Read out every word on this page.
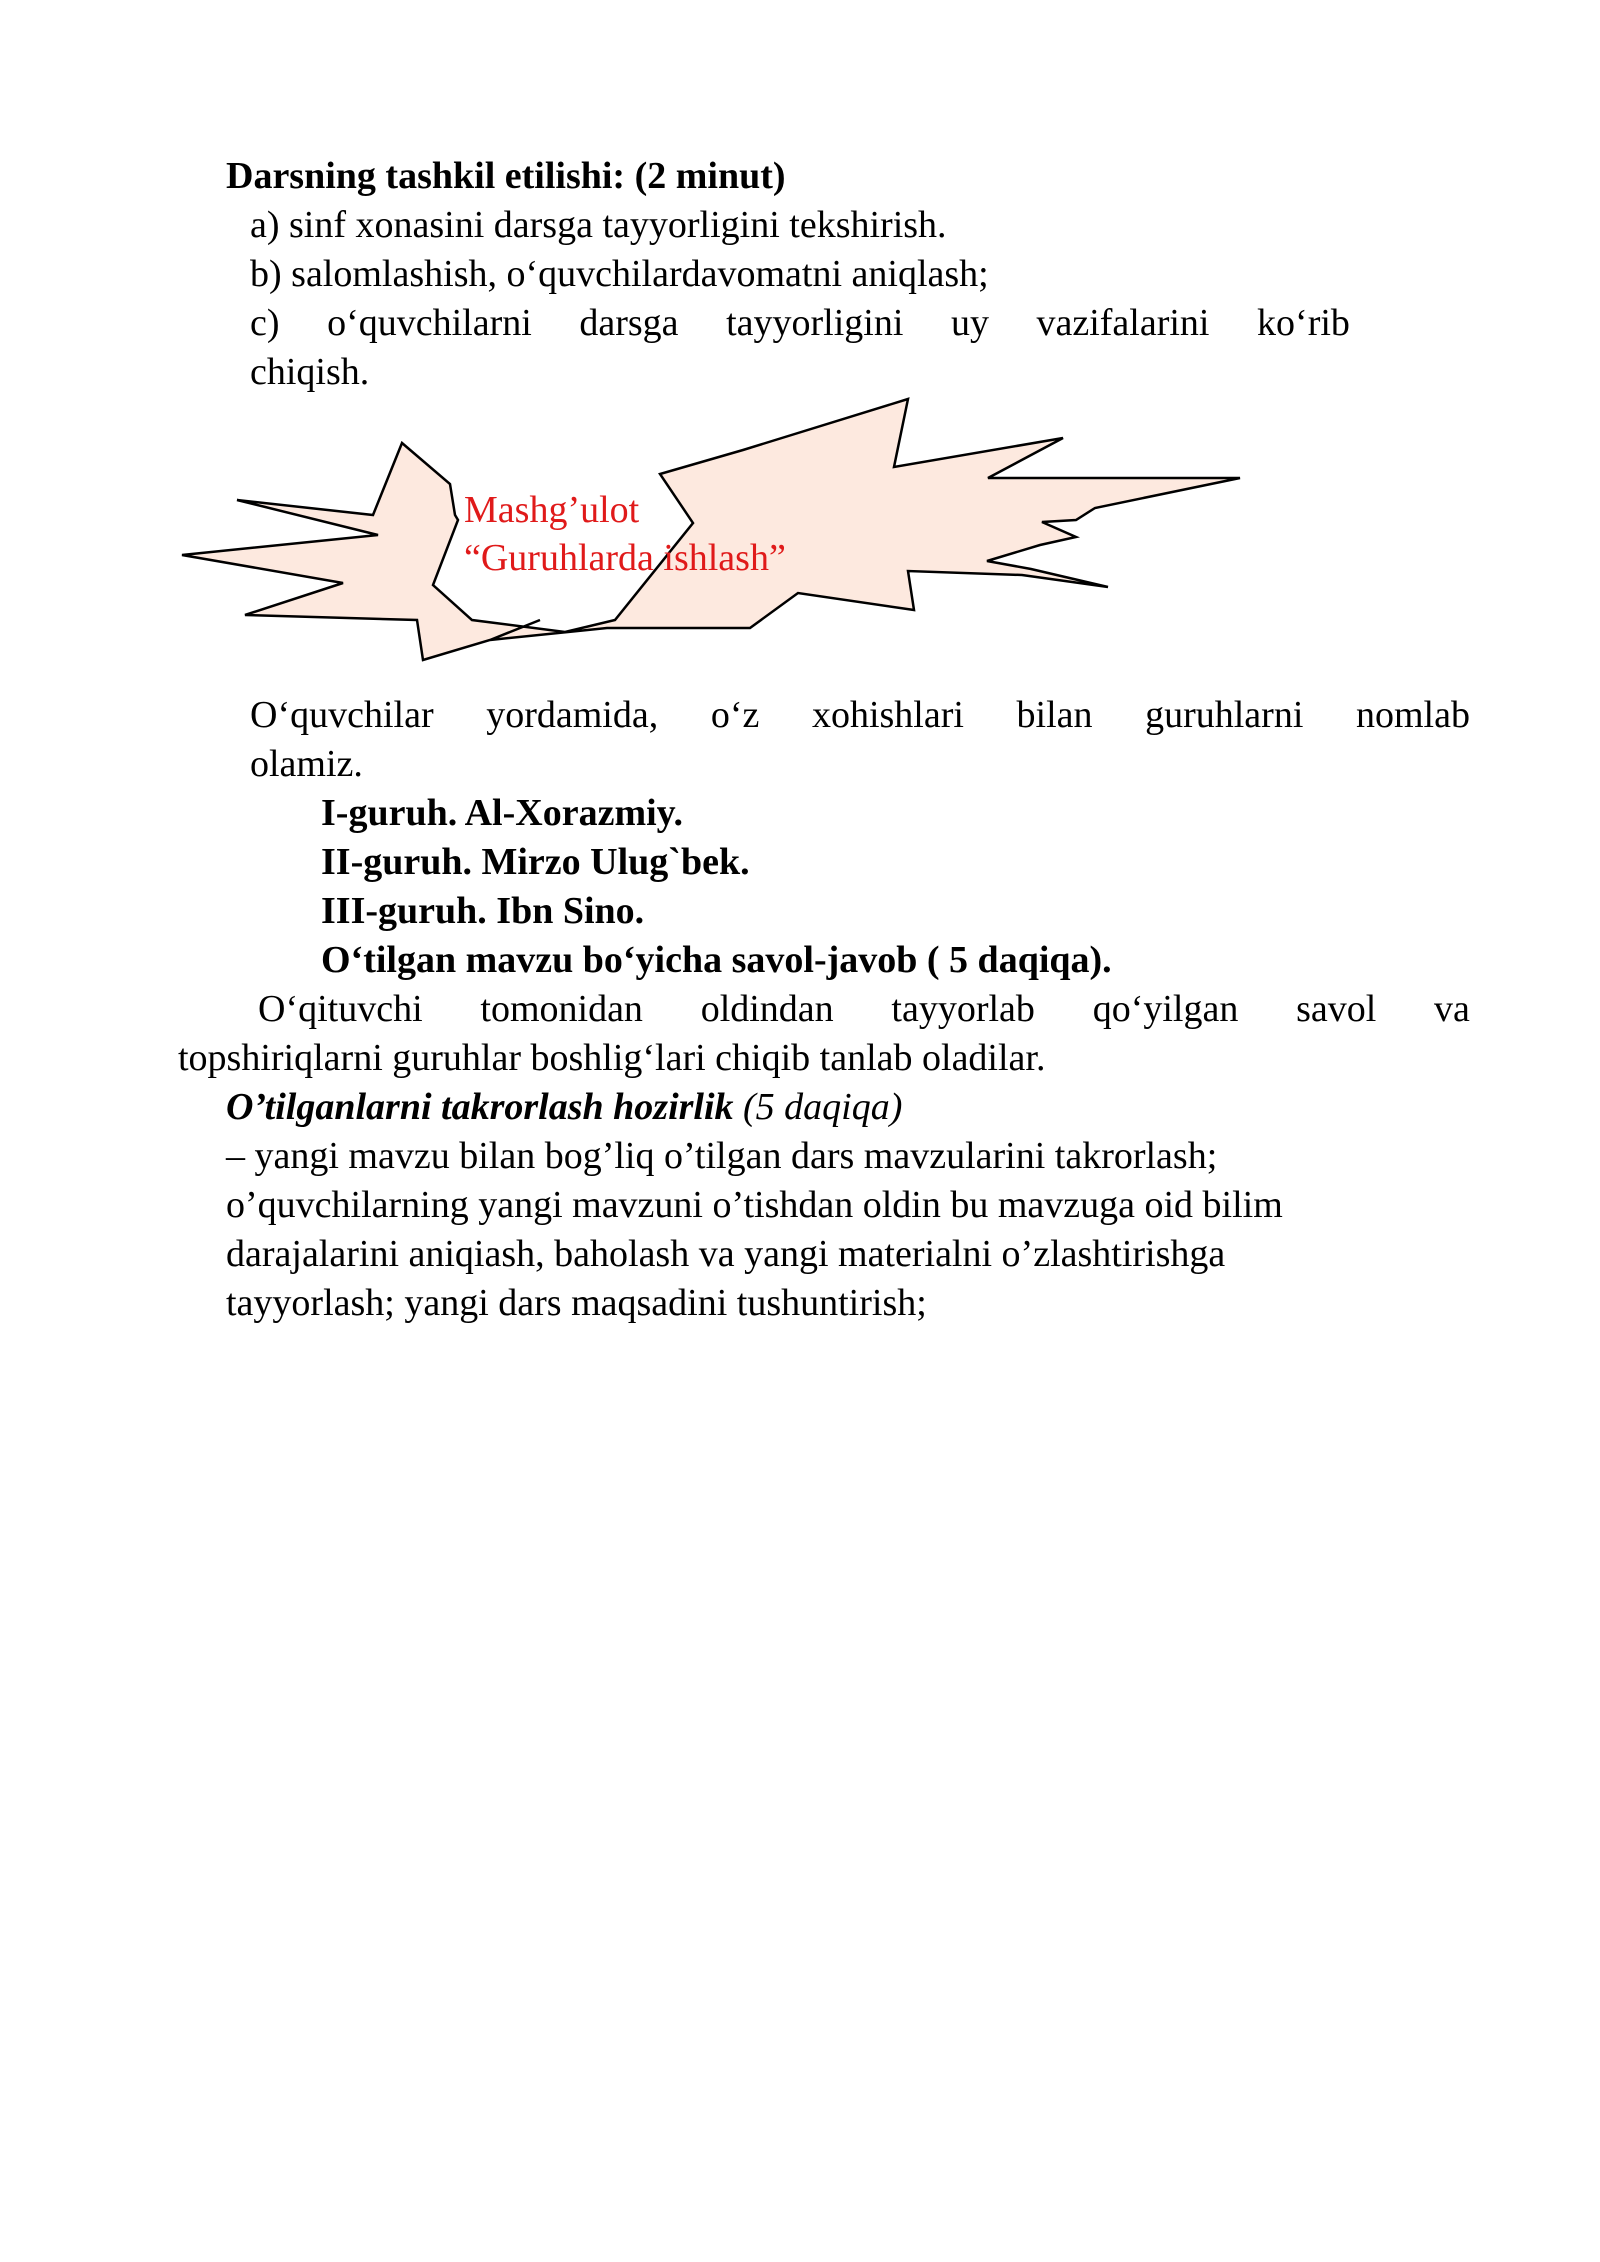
Darsning tashkil etilishi: (2 minut)
a) sinf xonasini darsga tayyorligini tekshirish.
b) salomlashish, o‘quvchilardavomatni aniqlash;
c) o‘quvchilarni darsga tayyorligini uy vazifalarini ko‘rib
chiqish.
Mashg’ulot
“Guruhlarda ishlash”
O‘quvchilar yordamida, o‘z xohishlari bilan guruhlarni nomlab
olamiz.
I-guruh. Al-Xorazmiy.
II-guruh. Mirzo Ulug`bek.
III-guruh. Ibn Sino.
O‘tilgan mavzu bo‘yicha savol-javob ( 5 daqiqa).
O‘qituvchi tomonidan oldindan tayyorlab qo‘yilgan savol va
topshiriqlarni guruhlar boshlig‘lari chiqib tanlab oladilar.
O’tilganlarni takrorlash hozirlik (5 daqiqa)
– yangi mavzu bilan bog’liq o’tilgan dars mavzularini takrorlash;
o’quvchilarning yangi mavzuni o’tishdan oldin bu mavzuga oid bilim
darajalarini aniqiash, baholash va yangi materialni o’zlashtirishga
tayyorlash; yangi dars maqsadini tushuntirish;
